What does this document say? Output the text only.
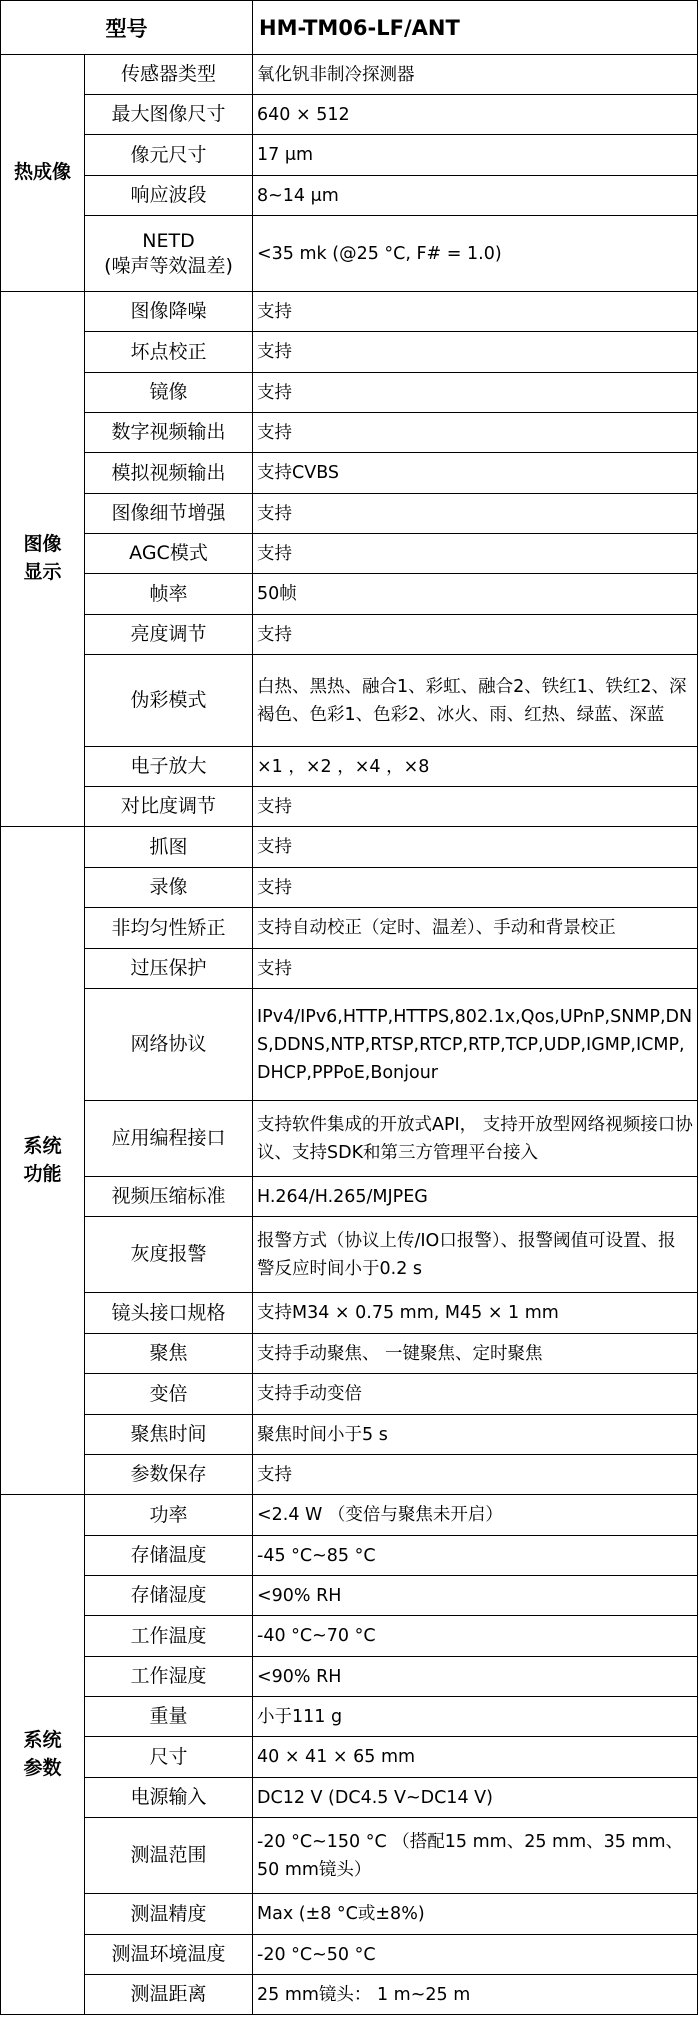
型号		HM-TM06-LF/ANT
热成像	传感器类型	氧化钒非制冷探测器
	最大图像尺寸	640 × 512
	像元尺寸	17 μm
	响应波段	8~14 μm
	NETD
(噪声等效温差)	<35 mk (@25 °C, F# = 1.0)
图像
显示	图像降噪	支持
	坏点校正	支持
	镜像	支持
	数字视频输出	支持
	模拟视频输出	支持CVBS
	图像细节增强	支持
	AGC模式	支持
	帧率	50帧
	亮度调节	支持
	伪彩模式	白热、黑热、融合1、彩虹、融合2、铁红1、铁红2、深褐色、色彩1、色彩2、冰火、雨、红热、绿蓝、深蓝
	电子放大	×1 ，×2 ，×4 ，×8
	对比度调节	支持
系统
功能	抓图	支持
	录像	支持
	非均匀性矫正	支持自动校正（定时、温差）、手动和背景校正
	过压保护	支持
	网络协议	IPv4/IPv6,HTTP,HTTPS,802.1x,Qos,UPnP,SNMP,DNS,DDNS,NTP,RTSP,RTCP,RTP,TCP,UDP,IGMP,ICMP,DHCP,PPPoE,Bonjour
	应用编程接口	支持软件集成的开放式API， 支持开放型网络视频接口协议、支持SDK和第三方管理平台接入
	视频压缩标准	H.264/H.265/MJPEG
	灰度报警	报警方式（协议上传/IO口报警）、报警阈值可设置、报警反应时间小于0.2 s
	镜头接口规格	支持M34 × 0.75 mm, M45 × 1 mm
	聚焦	支持手动聚焦、 一键聚焦、定时聚焦
	变倍	支持手动变倍
	聚焦时间	聚焦时间小于5 s
	参数保存	支持
系统
参数	功率	<2.4 W （变倍与聚焦未开启）
	存储温度	-45 °C~85 °C
	存储湿度	<90% RH
	工作温度	-40 °C~70 °C
	工作湿度	<90% RH
	重量	小于111 g
	尺寸	40 × 41 × 65 mm
	电源输入	DC12 V (DC4.5 V~DC14 V)
	测温范围	-20 °C~150 °C （搭配15 mm、25 mm、35 mm、50 mm镜头）
	测温精度	Max (±8 °C或±8%)
	测温环境温度	-20 °C~50 °C
	测温距离	25 mm镜头： 1 m~25 m
